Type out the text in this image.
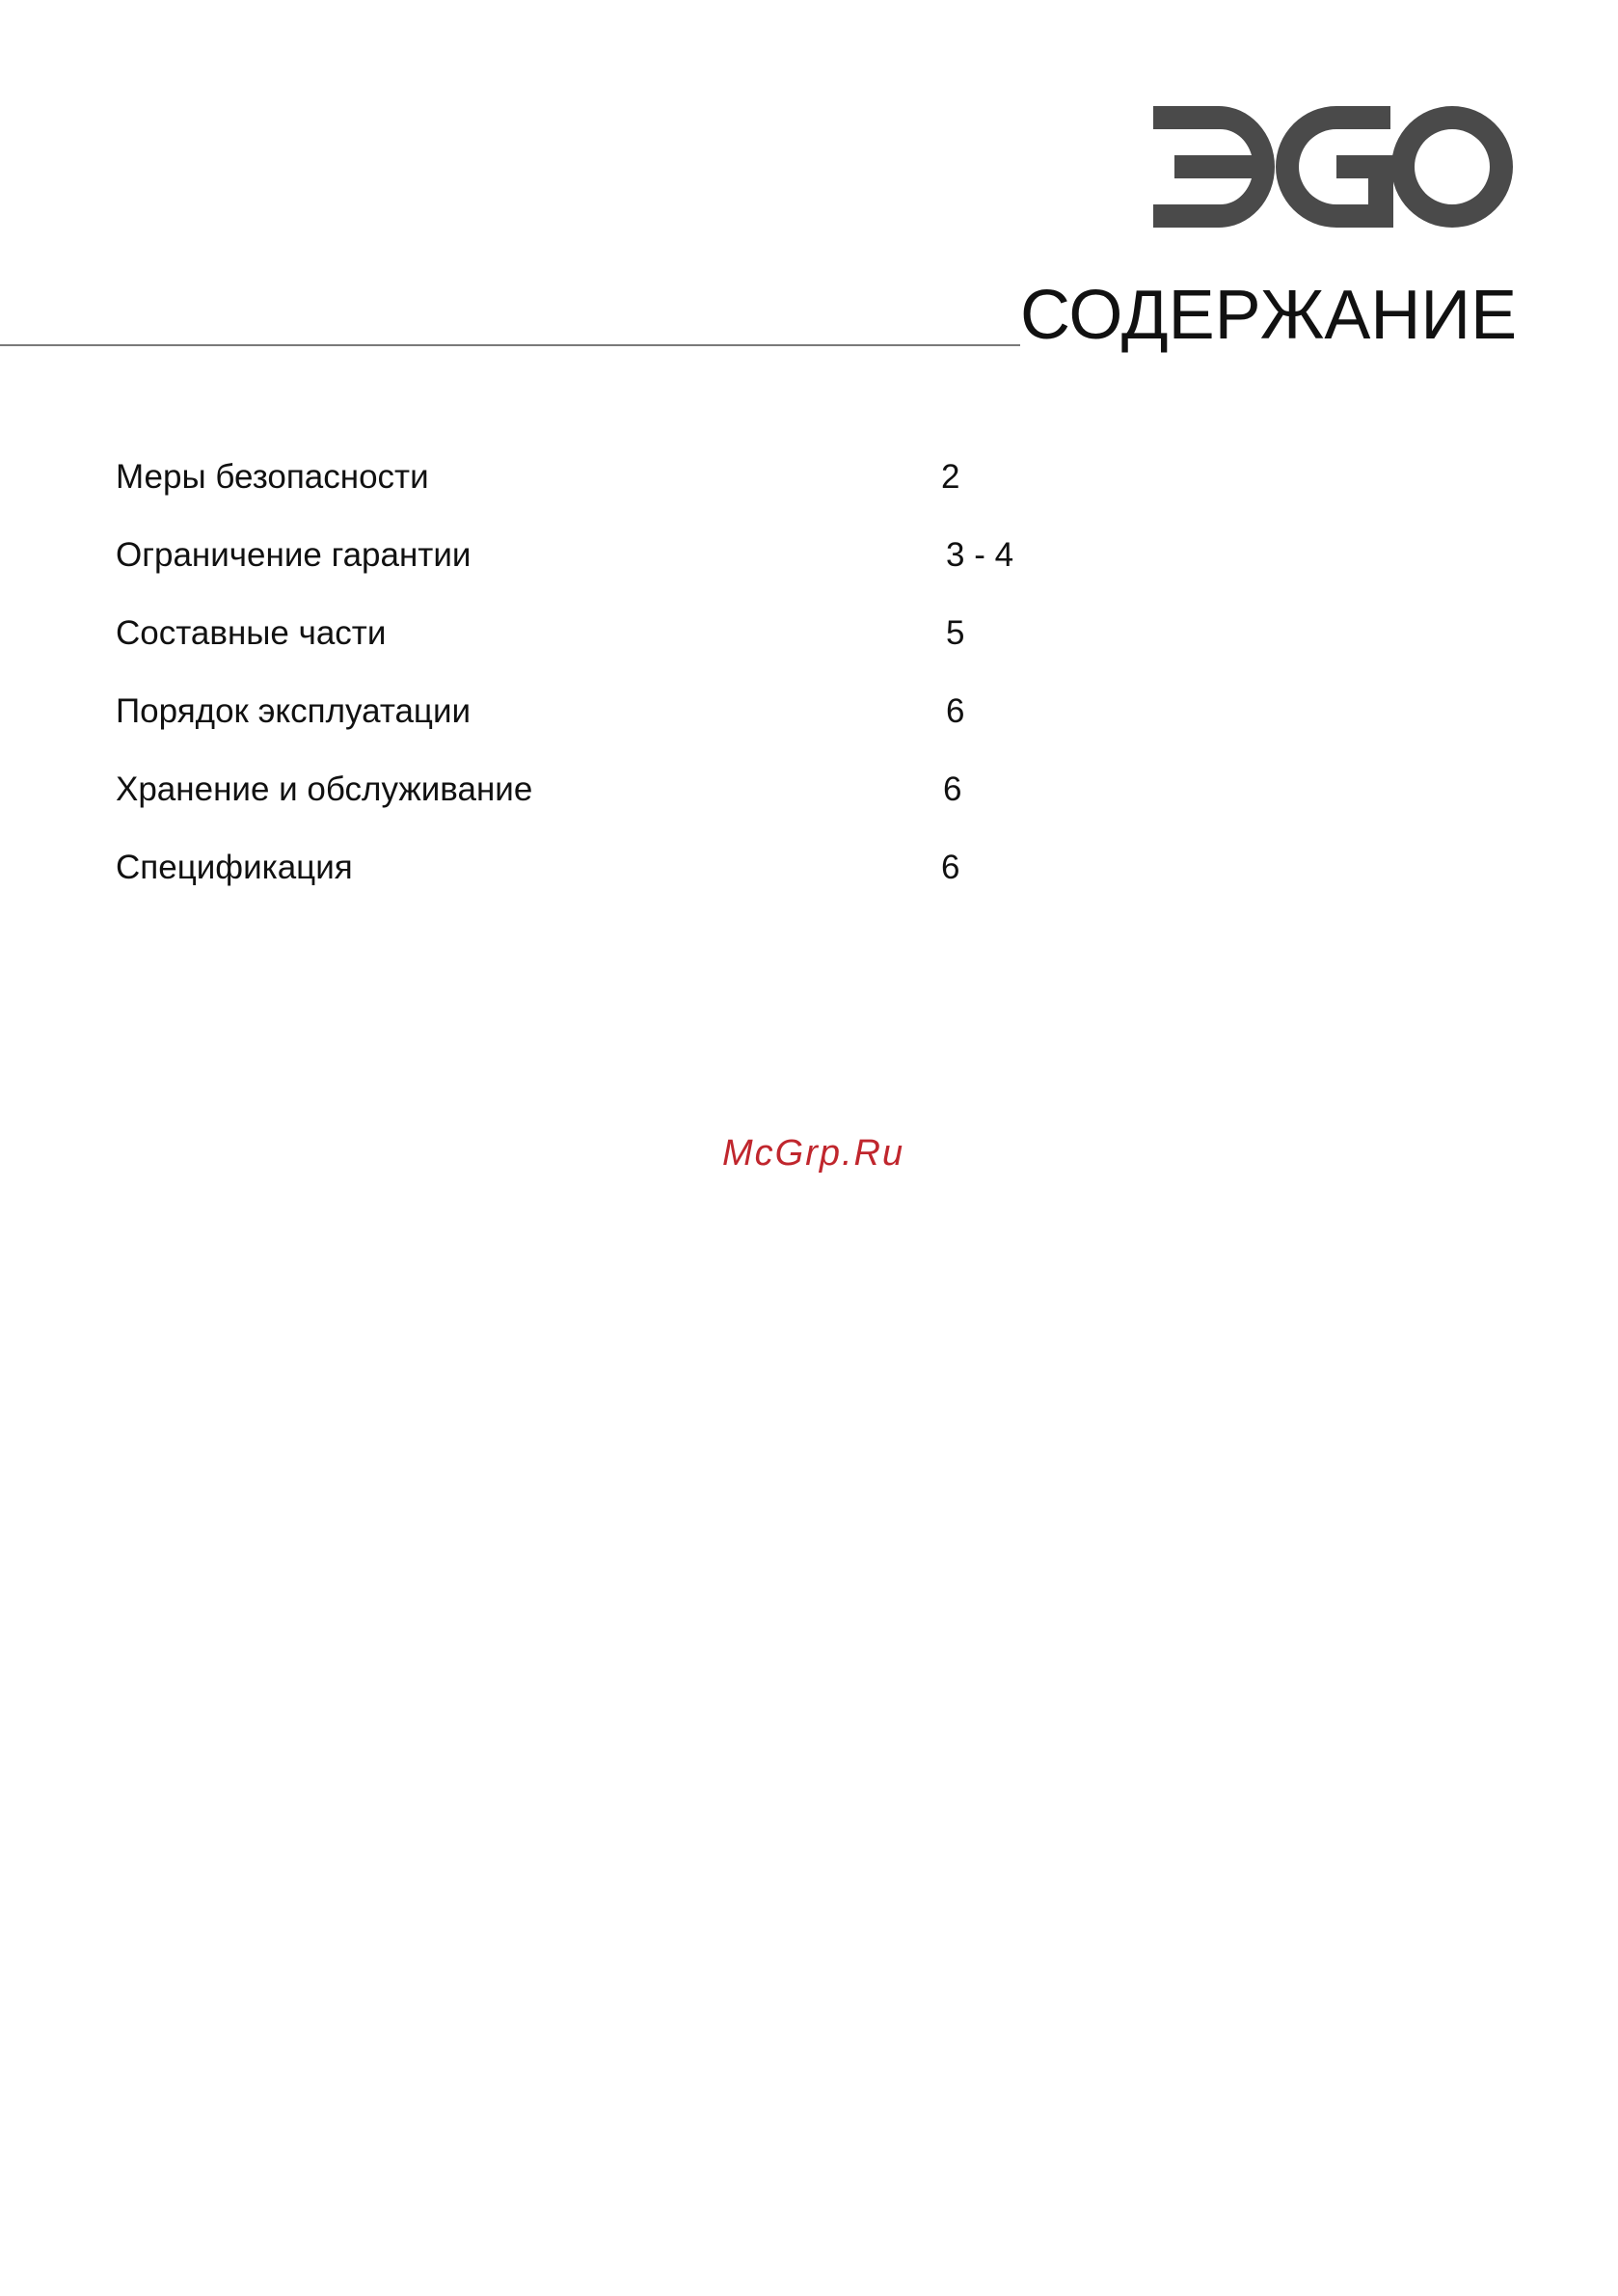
СОДЕРЖАНИЕ
Меры безопасности	2
Ограничение гарантии	3 - 4
Составные части	5
Порядок эксплуатации	6
Хранение и обслуживание	6
Спецификация	6
McGrp.Ru
